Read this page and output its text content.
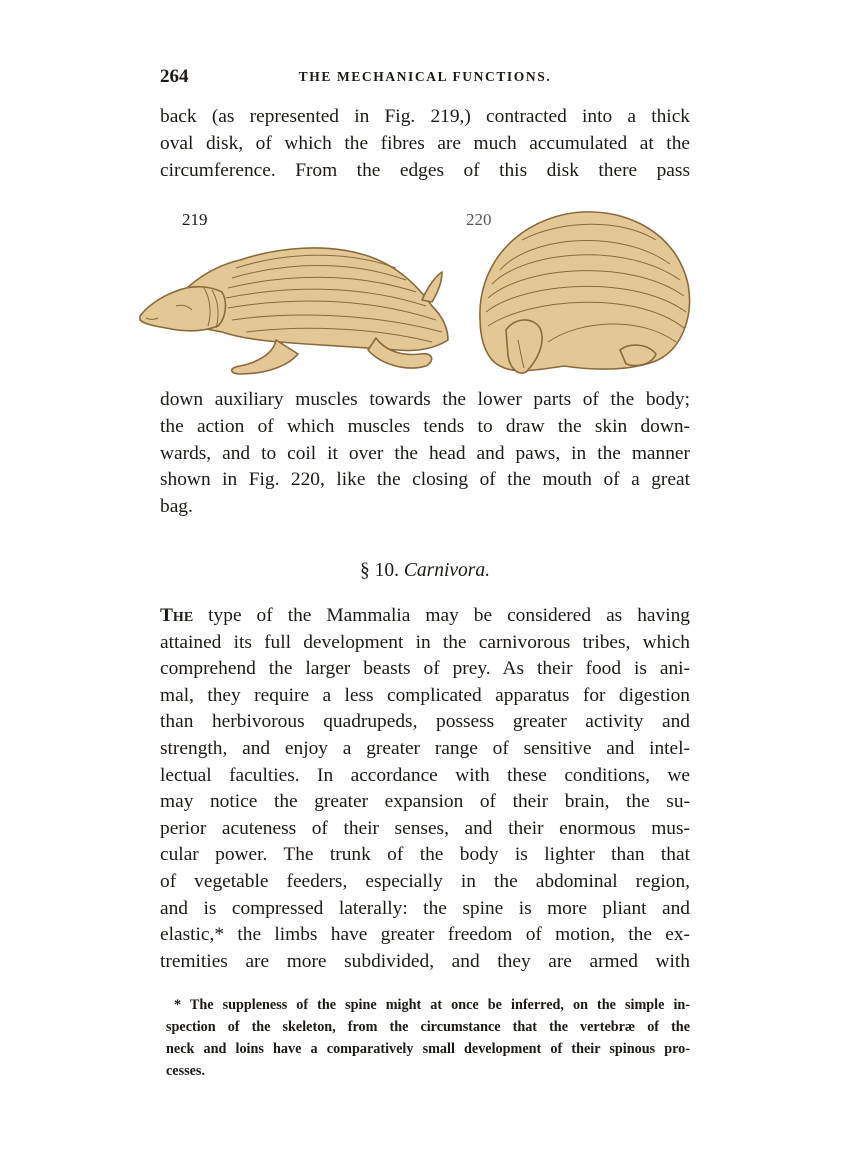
264	THE MECHANICAL FUNCTIONS.

back (as represented in Fig. 219,) contracted into a thick
oval disk, of which the fibres are much accumulated at the
circumference. From the edges of this disk there pass

219	220

down auxiliary muscles towards the lower parts of the body;
the action of which muscles tends to draw the skin down-
wards, and to coil it over the head and paws, in the manner
shown in Fig. 220, like the closing of the mouth of a great
bag.

§ 10. Carnivora.

The type of the Mammalia may be considered as having
attained its full development in the carnivorous tribes, which
comprehend the larger beasts of prey. As their food is ani-
mal, they require a less complicated apparatus for digestion
than herbivorous quadrupeds, possess greater activity and
strength, and enjoy a greater range of sensitive and intel-
lectual faculties. In accordance with these conditions, we
may notice the greater expansion of their brain, the su-
perior acuteness of their senses, and their enormous mus-
cular power. The trunk of the body is lighter than that
of vegetable feeders, especially in the abdominal region,
and is compressed laterally: the spine is more pliant and
elastic,* the limbs have greater freedom of motion, the ex-
tremities are more subdivided, and they are armed with

* The suppleness of the spine might at once be inferred, on the simple in-
spection of the skeleton, from the circumstance that the vertebræ of the
neck and loins have a comparatively small development of their spinous pro-
cesses.
